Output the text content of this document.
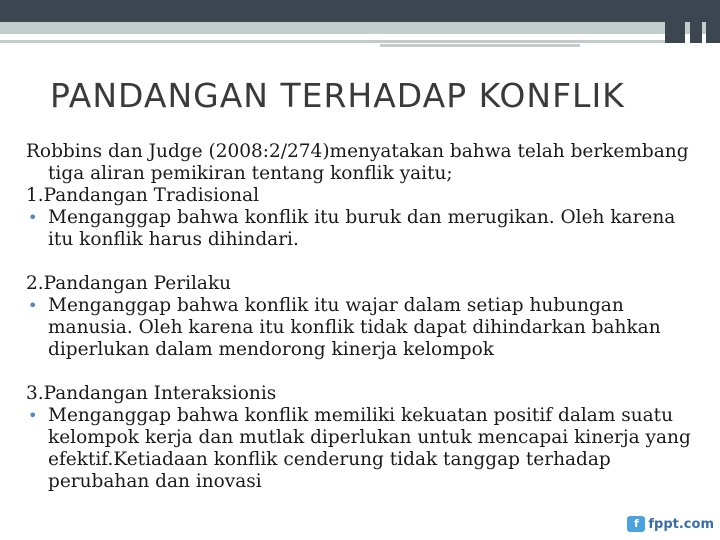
PANDANGAN TERHADAP KONFLIK

Robbins dan Judge (2008:2/274)menyatakan bahwa telah berkembang tiga aliran pemikiran tentang konflik yaitu;

1.Pandangan Tradisional

• Menganggap bahwa konflik itu buruk dan merugikan. Oleh karena itu konflik harus dihindari.

2.Pandangan Perilaku

• Menganggap bahwa konflik itu wajar dalam setiap hubungan manusia. Oleh karena itu konflik tidak dapat dihindarkan bahkan diperlukan dalam mendorong kinerja kelompok

3.Pandangan Interaksionis

• Menganggap bahwa konflik memiliki kekuatan positif dalam suatu kelompok kerja dan mutlak diperlukan untuk mencapai kinerja yang efektif.Ketiadaan konflik cenderung tidak tanggap terhadap perubahan dan inovasi

f fppt.com
